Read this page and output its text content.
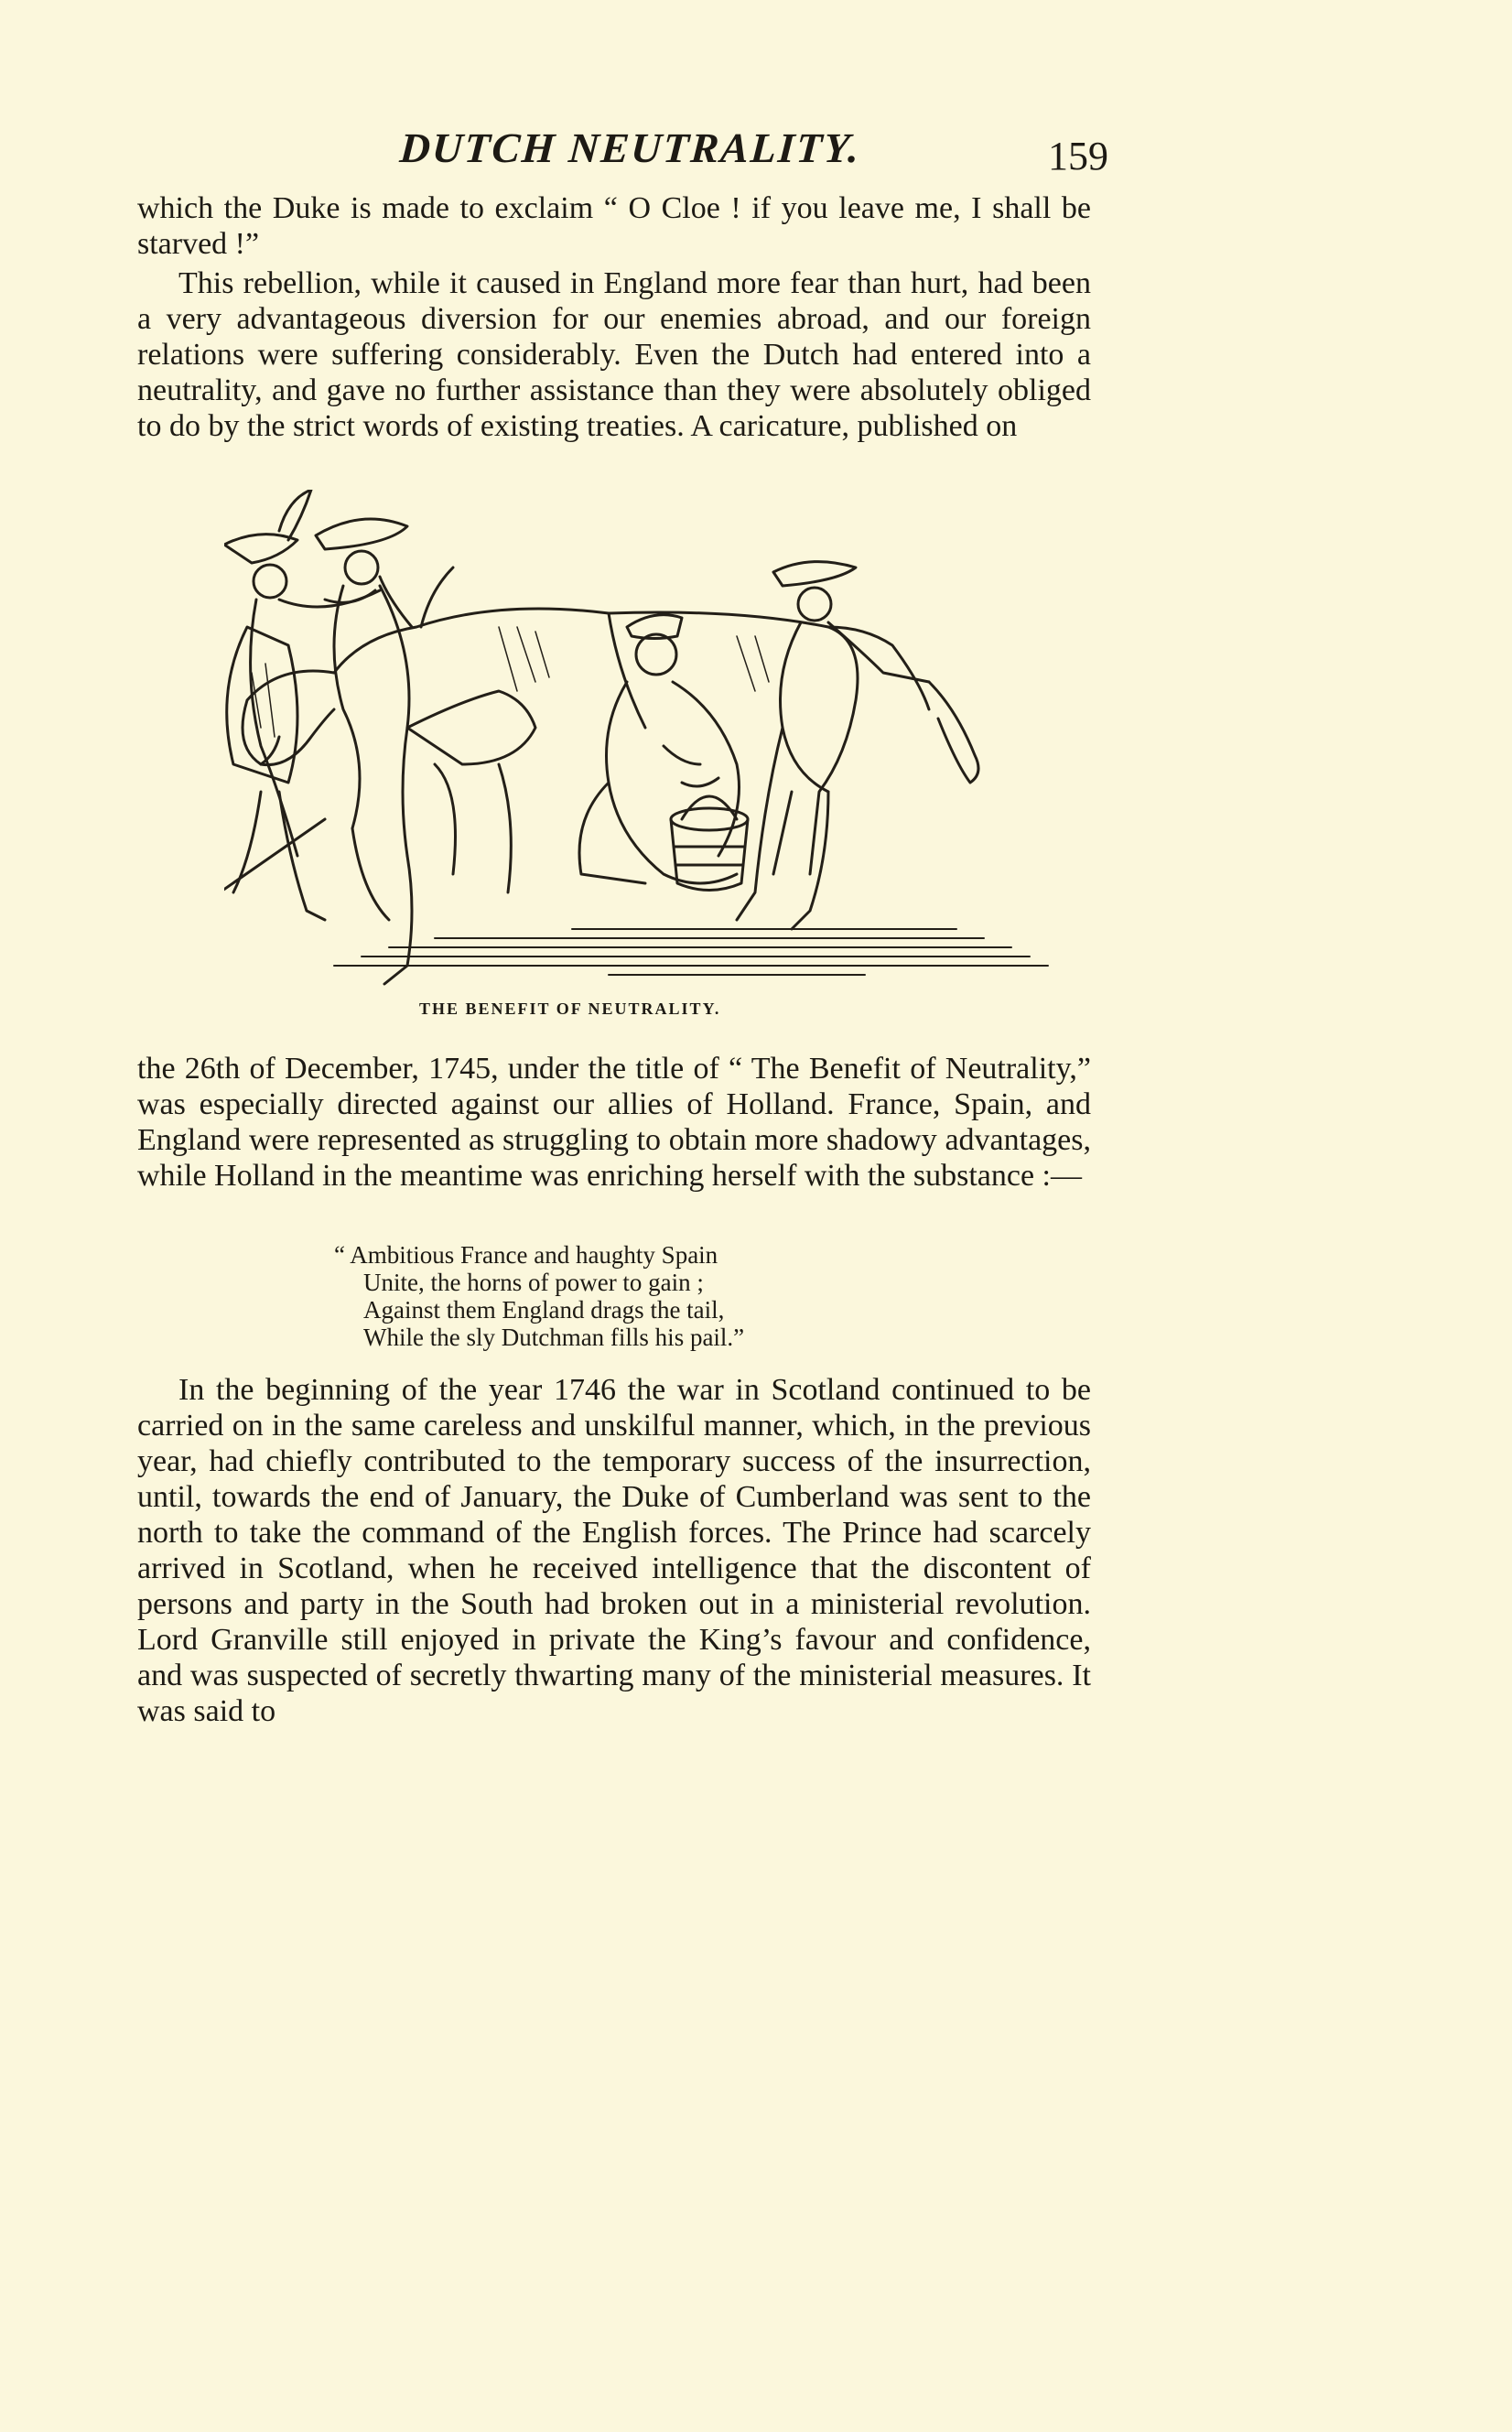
DUTCH NEUTRALITY.	159

which the Duke is made to exclaim “ O Cloe ! if you leave me, I shall be starved !”

This rebellion, while it caused in England more fear than hurt, had been a very advantageous diversion for our enemies abroad, and our foreign relations were suffering considerably. Even the Dutch had entered into a neutrality, and gave no further assistance than they were absolutely obliged to do by the strict words of existing treaties. A caricature, published on

THE BENEFIT OF NEUTRALITY.

the 26th of December, 1745, under the title of “ The Benefit of Neutrality,” was especially directed against our allies of Holland. France, Spain, and England were represented as struggling to obtain more shadowy advantages, while Holland in the meantime was enriching herself with the substance :—

“ Ambitious France and haughty Spain
Unite, the horns of power to gain ;
Against them England drags the tail,
While the sly Dutchman fills his pail.”

In the beginning of the year 1746 the war in Scotland continued to be carried on in the same careless and unskilful manner, which, in the previous year, had chiefly contributed to the temporary success of the insurrection, until, towards the end of January, the Duke of Cumberland was sent to the north to take the command of the English forces. The Prince had scarcely arrived in Scotland, when he received intelligence that the discontent of persons and party in the South had broken out in a ministerial revolution. Lord Granville still enjoyed in private the King’s favour and confidence, and was suspected of secretly thwarting many of the ministerial measures. It was said to
